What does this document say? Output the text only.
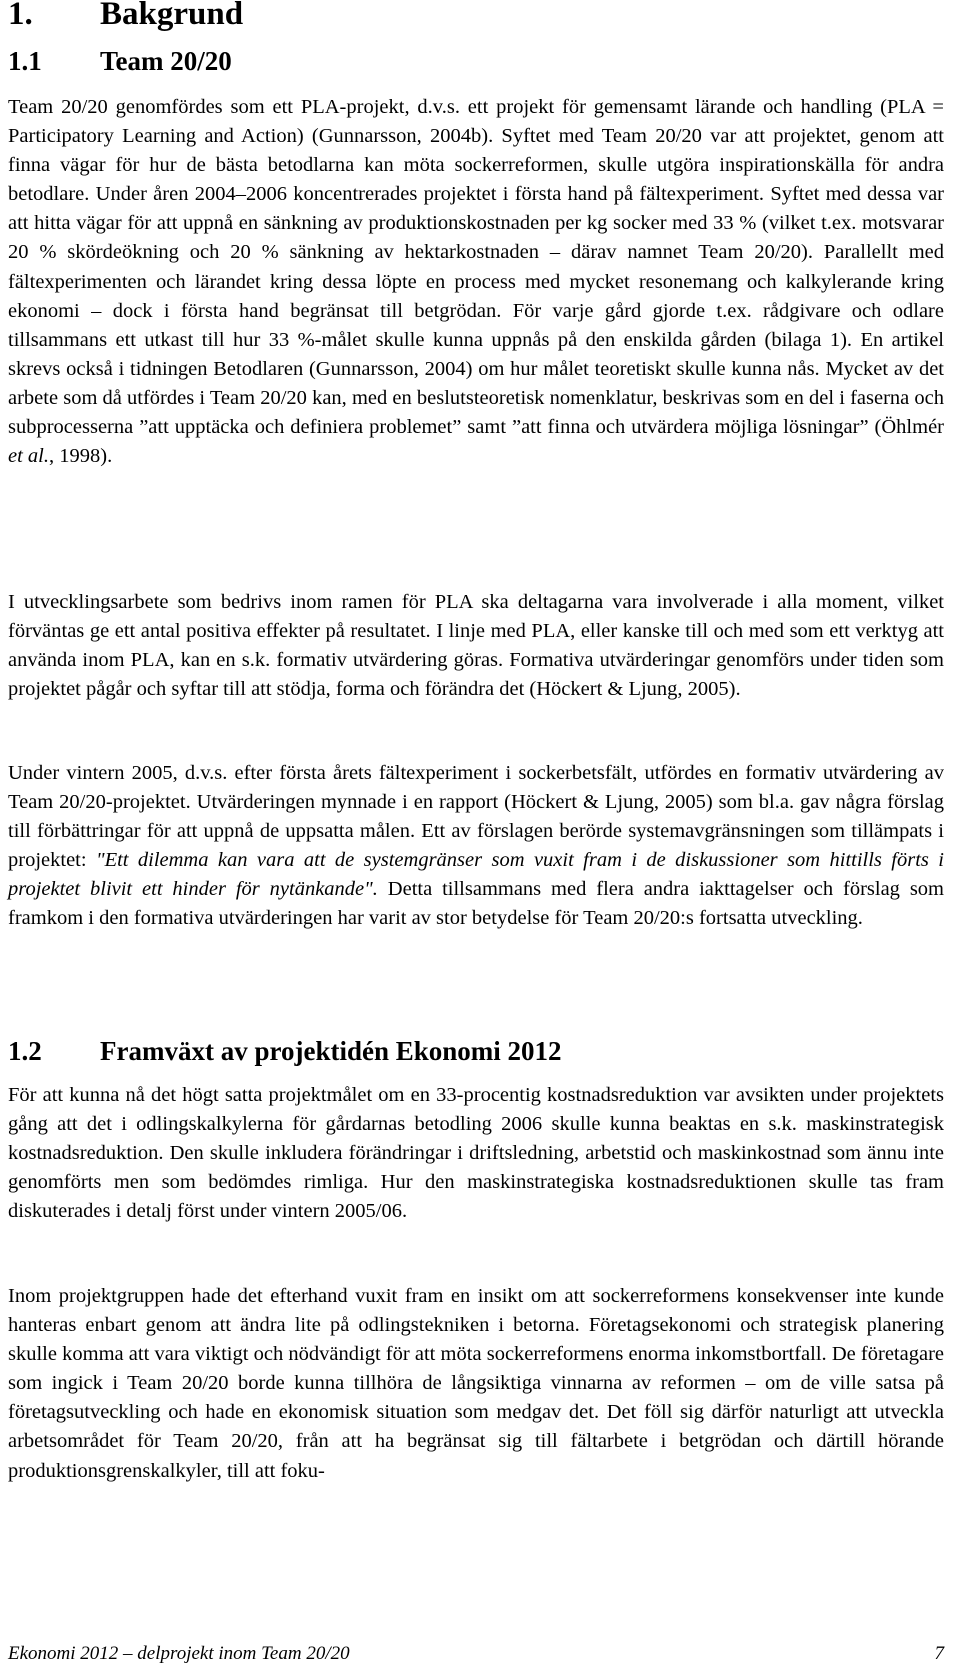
1. Bakgrund
1.1 Team 20/20

Team 20/20 genomfördes som ett PLA-projekt, d.v.s. ett projekt för gemensamt lärande och handling (PLA = Participatory Learning and Action) (Gunnarsson, 2004b). Syftet med Team 20/20 var att projektet, genom att finna vägar för hur de bästa betodlarna kan möta sockerreformen, skulle utgöra inspirationskälla för andra betodlare. Under åren 2004–2006 koncentrerades projektet i första hand på fältexperiment. Syftet med dessa var att hitta vägar för att uppnå en sänkning av produktionskostnaden per kg socker med 33 % (vilket t.ex. motsvarar 20 % skördeökning och 20 % sänkning av hektarkostnaden – därav namnet Team 20/20). Parallellt med fältexperimenten och lärandet kring dessa löpte en process med mycket resonemang och kalkylerande kring ekonomi – dock i första hand begränsat till betgrödan. För varje gård gjorde t.ex. rådgivare och odlare tillsammans ett utkast till hur 33 %-målet skulle kunna uppnås på den enskilda gården (bilaga 1). En artikel skrevs också i tidningen Betodlaren (Gunnarsson, 2004) om hur målet teoretiskt skulle kunna nås. Mycket av det arbete som då utfördes i Team 20/20 kan, med en beslutsteoretisk nomenklatur, beskrivas som en del i faserna och subprocesserna ”att upptäcka och definiera problemet” samt ”att finna och utvärdera möjliga lösningar” (Öhlmér et al., 1998).

I utvecklingsarbete som bedrivs inom ramen för PLA ska deltagarna vara involverade i alla moment, vilket förväntas ge ett antal positiva effekter på resultatet. I linje med PLA, eller kanske till och med som ett verktyg att använda inom PLA, kan en s.k. formativ utvärdering göras. Formativa utvärderingar genomförs under tiden som projektet pågår och syftar till att stödja, forma och förändra det (Höckert & Ljung, 2005).

Under vintern 2005, d.v.s. efter första årets fältexperiment i sockerbetsfält, utfördes en formativ utvärdering av Team 20/20-projektet. Utvärderingen mynnade i en rapport (Höckert & Ljung, 2005) som bl.a. gav några förslag till förbättringar för att uppnå de uppsatta målen. Ett av förslagen berörde systemavgränsningen som tillämpats i projektet: "Ett dilemma kan vara att de systemgränser som vuxit fram i de diskussioner som hittills förts i projektet blivit ett hinder för nytänkande". Detta tillsammans med flera andra iakttagelser och förslag som framkom i den formativa utvärderingen har varit av stor betydelse för Team 20/20:s fortsatta utveckling.

1.2 Framväxt av projektidén Ekonomi 2012

För att kunna nå det högt satta projektmålet om en 33-procentig kostnadsreduktion var avsikten under projektets gång att det i odlingskalkylerna för gårdarnas betodling 2006 skulle kunna beaktas en s.k. maskinstrategisk kostnadsreduktion. Den skulle inkludera förändringar i driftsledning, arbetstid och maskinkostnad som ännu inte genomförts men som bedömdes rimliga. Hur den maskinstrategiska kostnadsreduktionen skulle tas fram diskuterades i detalj först under vintern 2005/06.

Inom projektgruppen hade det efterhand vuxit fram en insikt om att sockerreformens konsekvenser inte kunde hanteras enbart genom att ändra lite på odlingstekniken i betorna. Företagsekonomi och strategisk planering skulle komma att vara viktigt och nödvändigt för att möta sockerreformens enorma inkomstbortfall. De företagare som ingick i Team 20/20 borde kunna tillhöra de långsiktiga vinnarna av reformen – om de ville satsa på företagsutveckling och hade en ekonomisk situation som medgav det. Det föll sig därför naturligt att utveckla arbetsområdet för Team 20/20, från att ha begränsat sig till fältarbete i betgrödan och därtill hörande produktionsgrenskalkyler, till att foku-

Ekonomi 2012 – delprojekt inom Team 20/20	7
